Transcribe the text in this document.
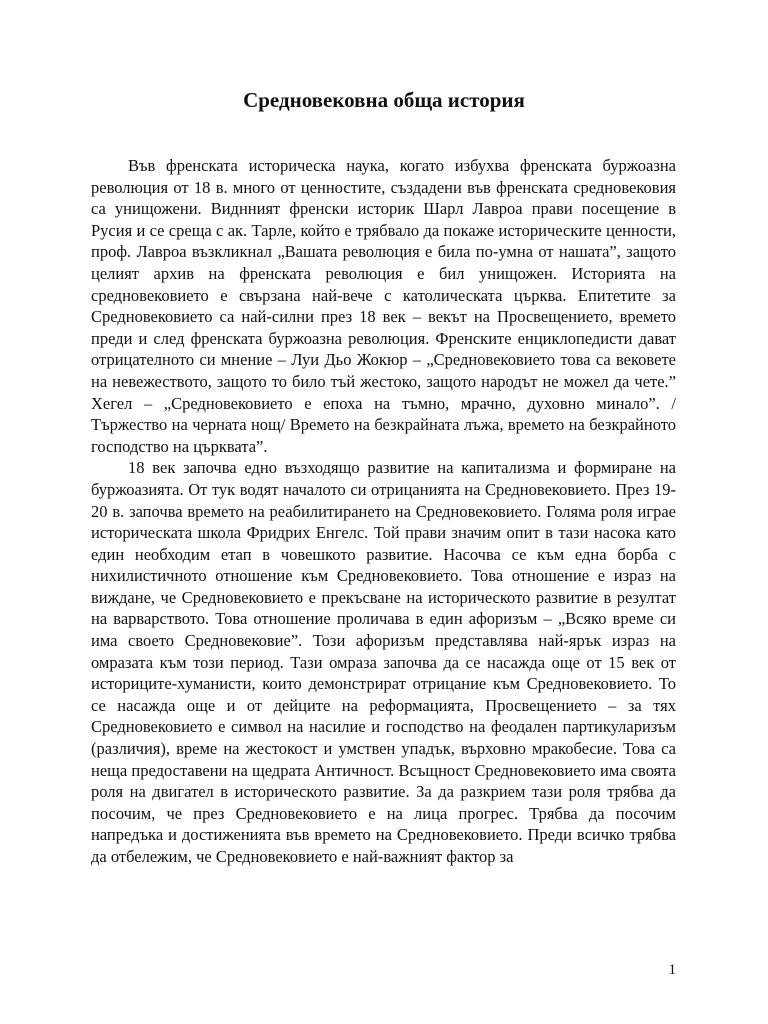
Средновековна обща история

Във френската историческа наука, когато избухва френската буржоазна революция от 18 в. много от ценностите, създадени във френската средновековия са унищожени. Виднният френски историк Шарл Лавроа прави посещение в Русия и се среща с ак. Тарле, който е трябвало да покаже историческите ценности, проф. Лавроа възкликнал „Вашата революция е била по-умна от нашата”, защото целият архив на френската революция е бил унищожен. Историята на средновековието е свързана най-вече с католическата църква. Епитетите за Средновековието са най-силни през 18 век – векът на Просвещението, времето преди и след френската буржоазна революция. Френските енциклопедисти дават отрицателното си мнение – Луи Дьо Жокюр – „Средновековието това са вековете на невежеството, защото то било тъй жестоко, защото народът не можел да чете.” Хегел – „Средновековието е епоха на тъмно, мрачно, духовно минало”. /Тържество на черната нощ/ Времето на безкрайната лъжа, времето на безкрайното господство на църквата”.

18 век започва едно възходящо развитие на капитализма и формиране на буржоазията. От тук водят началото си отрицанията на Средновековието. През 19-20 в. започва времето на реабилитирането на Средновековието. Голяма роля играе историческата школа Фридрих Енгелс. Той прави значим опит в тази насока като един необходим етап в човешкото развитие. Насочва се към една борба с нихилистичното отношение към Средновековието. Това отношение е израз на виждане, че Средновековието е прекъсване на историческото развитие в резултат на варварството. Това отношение проличава в един афоризъм – „Всяко време си има своето Средновековие”. Този афоризъм представлява най-ярък израз на омразата към този период. Тази омраза започва да се насажда още от 15 век от историците-хуманисти, които демонстрират отрицание към Средновековието. То се насажда още и от дейците на реформацията, Просвещението – за тях Средновековието е символ на насилие и господство на феодален партикуларизъм (различия), време на жестокост и умствен упадък, върховно мракобесие. Това са неща предоставени на щедрата Античност. Всъщност Средновековието има своята роля на двигател в историческото развитие. За да разкрием тази роля трябва да посочим, че през Средновековието е на лица прогрес. Трябва да посочим напредъка и достиженията във времето на Средновековието. Преди всичко трябва да отбележим, че Средновековието е най-важният фактор за

1
